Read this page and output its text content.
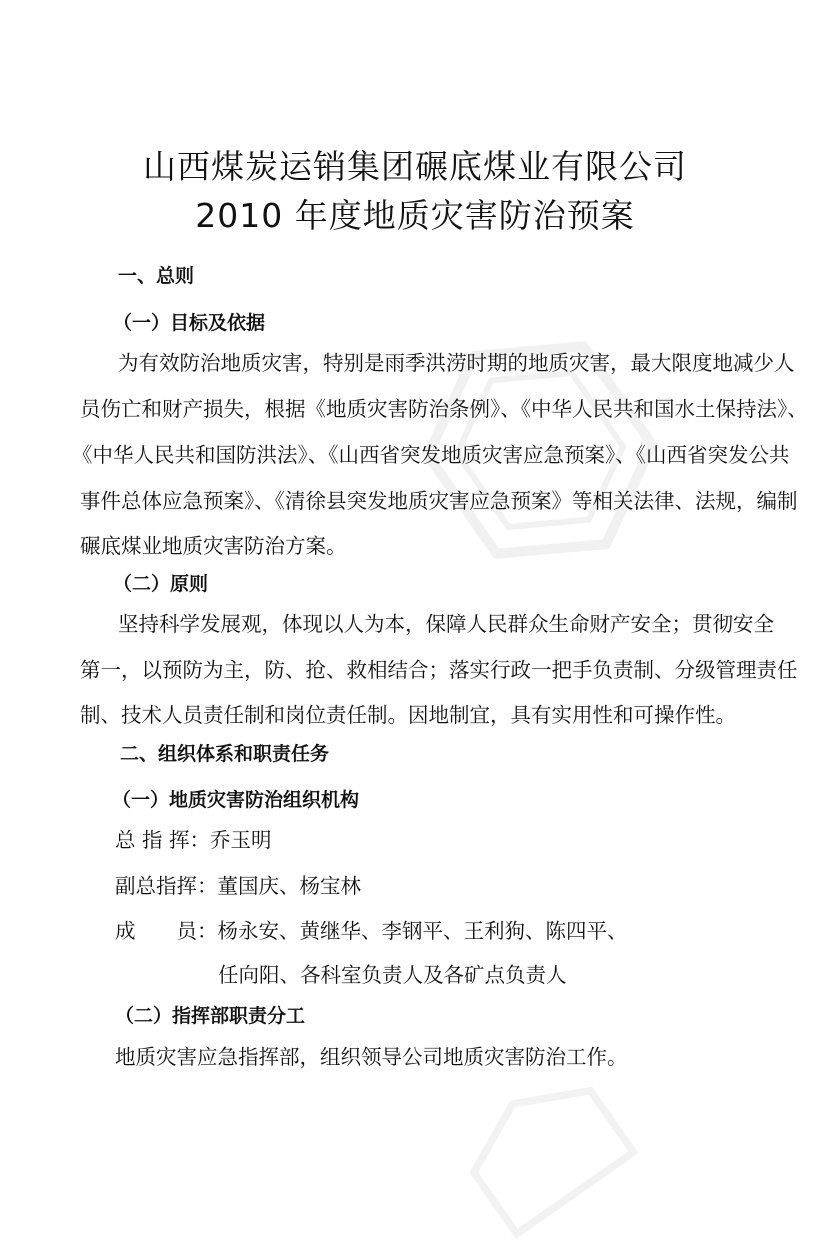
山西煤炭运销集团碾底煤业有限公司
2010 年度地质灾害防治预案
一、总则
（一）目标及依据
为有效防治地质灾害，特别是雨季洪涝时期的地质灾害，最大限度地减少人
员伤亡和财产损失，根据《地质灾害防治条例》、《中华人民共和国水土保持法》、
《中华人民共和国防洪法》、《山西省突发地质灾害应急预案》、《山西省突发公共
事件总体应急预案》、《清徐县突发地质灾害应急预案》等相关法律、法规，编制
碾底煤业地质灾害防治方案。
（二）原则
坚持科学发展观，体现以人为本，保障人民群众生命财产安全；贯彻安全
第一，以预防为主，防、抢、救相结合；落实行政一把手负责制、分级管理责任
制、技术人员责任制和岗位责任制。因地制宜，具有实用性和可操作性。
二、组织体系和职责任务
（一）地质灾害防治组织机构
总 指 挥：乔玉明
副总指挥：董国庆、杨宝林
成　　员：杨永安、黄继华、李钢平、王利狗、陈四平、
任向阳、各科室负责人及各矿点负责人
（二）指挥部职责分工
地质灾害应急指挥部，组织领导公司地质灾害防治工作。
